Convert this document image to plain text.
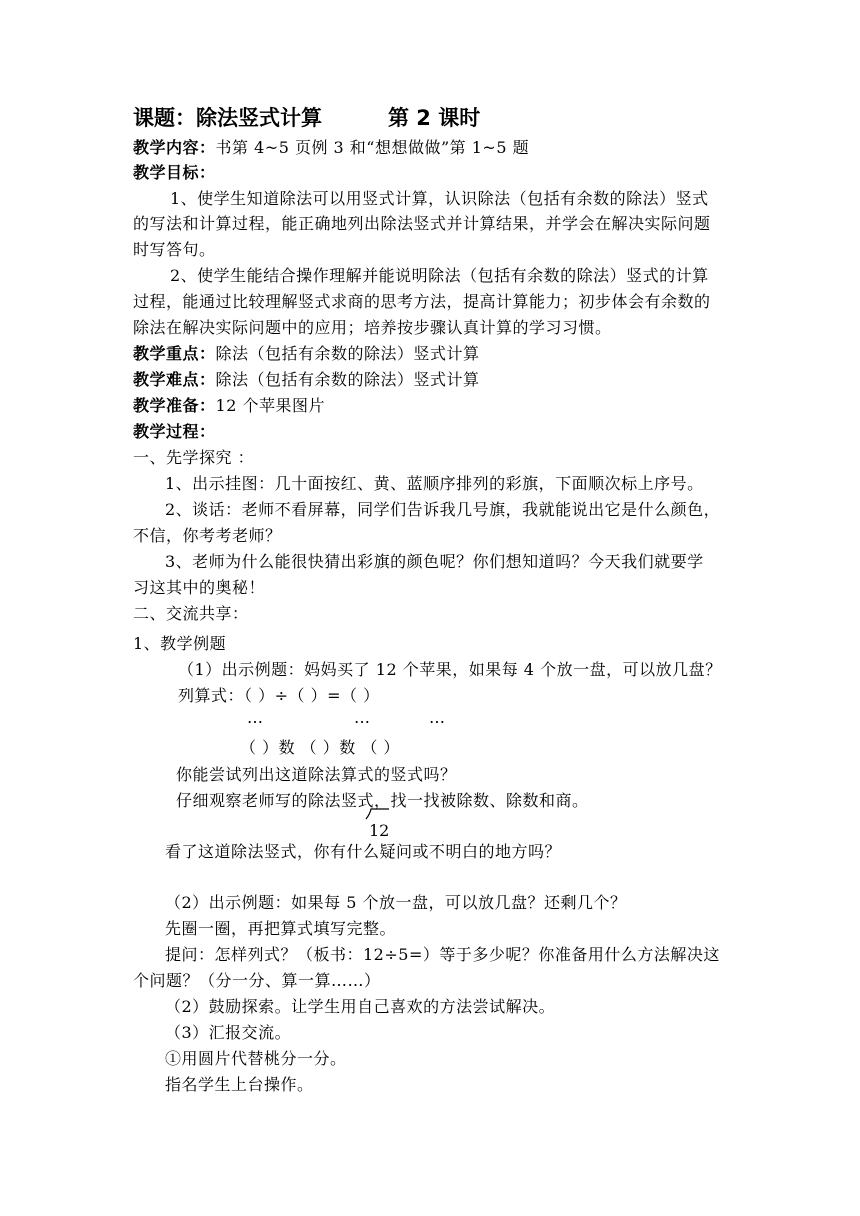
课题：除法竖式计算	第 2 课时
教学内容：书第 4~5 页例 3 和“想想做做”第 1~5 题
教学目标：
1、使学生知道除法可以用竖式计算，认识除法（包括有余数的除法）竖式
的写法和计算过程，能正确地列出除法竖式并计算结果，并学会在解决实际问题
时写答句。
2、使学生能结合操作理解并能说明除法（包括有余数的除法）竖式的计算
过程，能通过比较理解竖式求商的思考方法，提高计算能力；初步体会有余数的
除法在解决实际问题中的应用；培养按步骤认真计算的学习习惯。
教学重点：除法（包括有余数的除法）竖式计算
教学难点：除法（包括有余数的除法）竖式计算
教学准备：12 个苹果图片
教学过程：
一、先学探究 ：
1、出示挂图：几十面按红、黄、蓝顺序排列的彩旗，下面顺次标上序号。
2、谈话：老师不看屏幕，同学们告诉我几号旗，我就能说出它是什么颜色，
不信，你考考老师？
3、老师为什么能很快猜出彩旗的颜色呢？你们想知道吗？今天我们就要学
习这其中的奥秘！
二、交流共享：
1、教学例题
（1）出示例题：妈妈买了 12 个苹果，如果每 4 个放一盘，可以放几盘？
列算式：（ ）÷（ ）=（ ）
…	…	…
（ ）数 （ ）数 （ ）
你能尝试列出这道除法算式的竖式吗？
仔细观察老师写的除法竖式，找一找被除数、除数和商。
12
看了这道除法竖式，你有什么疑问或不明白的地方吗？
（2）出示例题：如果每 5 个放一盘，可以放几盘？还剩几个？
先圈一圈，再把算式填写完整。
提问：怎样列式？（板书：12÷5=）等于多少呢？你准备用什么方法解决这
个问题？（分一分、算一算……）
（2）鼓励探索。让学生用自己喜欢的方法尝试解决。
（3）汇报交流。
①用圆片代替桃分一分。
指名学生上台操作。
